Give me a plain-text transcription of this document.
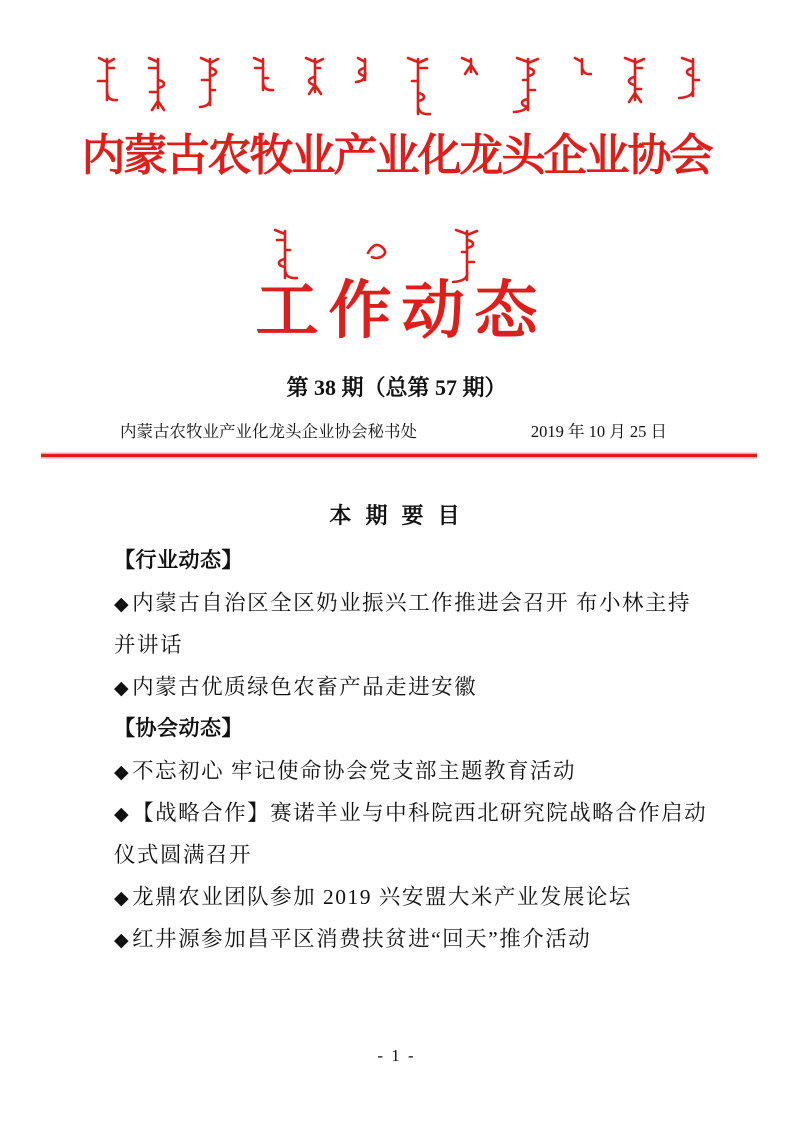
内蒙古农牧业产业化龙头企业协会
工作动态
第 38 期（总第 57 期）
内蒙古农牧业产业化龙头企业协会秘书处	2019 年 10 月 25 日
本 期 要 目
【行业动态】
◆内蒙古自治区全区奶业振兴工作推进会召开 布小林主持
并讲话
◆内蒙古优质绿色农畜产品走进安徽
【协会动态】
◆不忘初心 牢记使命协会党支部主题教育活动
◆【战略合作】赛诺羊业与中科院西北研究院战略合作启动
仪式圆满召开
◆龙鼎农业团队参加 2019 兴安盟大米产业发展论坛
◆红井源参加昌平区消费扶贫进“回天”推介活动
- 1 -
